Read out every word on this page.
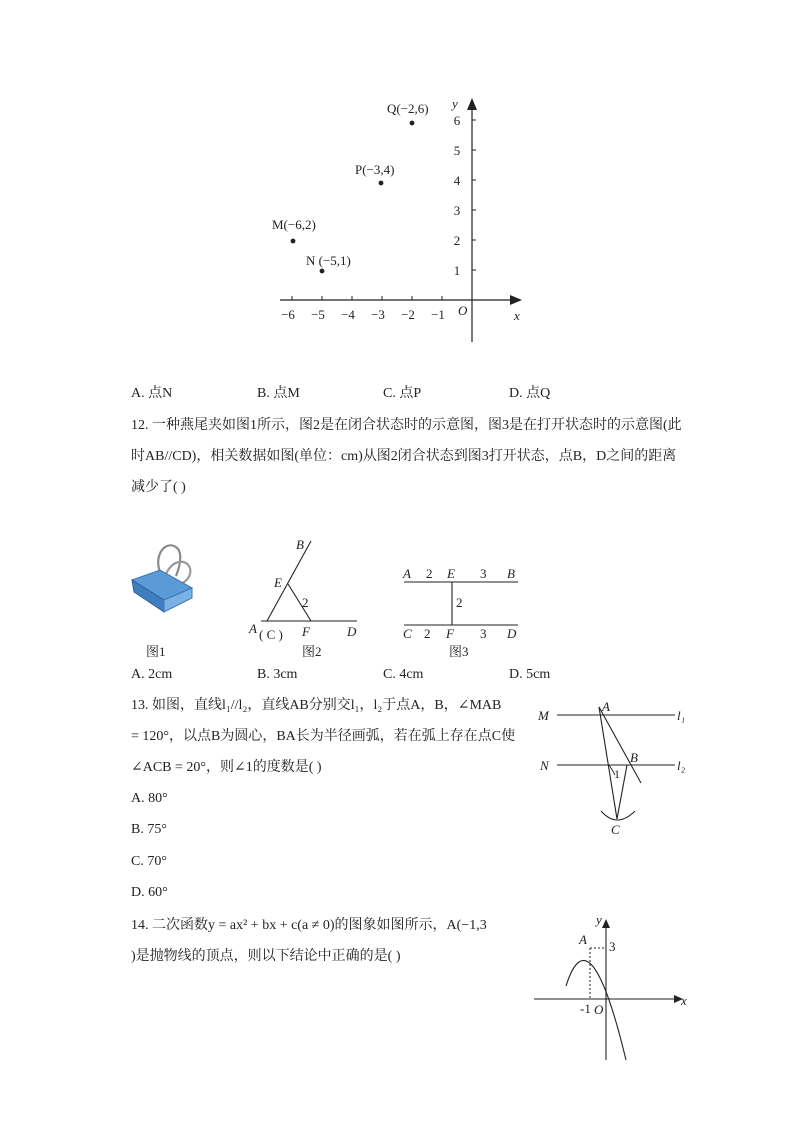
−6 −5 −4 −3 −2 −1
1
2
3
4
5
6
x
y
O
Q(−2,6)
P(−3,4)
M(−6,2)
N (−5,1)
A. 点N	B. 点M	C. 点P	D. 点Q
12. 一种燕尾夹如图1所示，图2是在闭合状态时的示意图，图3是在打开状态时的示意图(此
时AB//CD)，相关数据如图(单位：cm)从图2闭合状态到图3打开状态，点B，D之间的距离
减少了( )
B
E
A ( C ) F	D
2
A 2 E 3 B
2
C 2 F 3 D
图1	图2	图3
A. 2cm	B. 3cm	C. 4cm	D. 5cm
13. 如图，直线l₁//l₂，直线AB分别交l₁，l₂于点A，B，∠MAB
= 120°，以点B为圆心，BA长为半径画弧，若在弧上存在点C使
∠ACB = 20°，则∠1的度数是( )
A. 80°
B. 75°
C. 70°
D. 60°
M
A
l₁
N
B
l₂
C
1
14. 二次函数y = ax² + bx + c(a ≠ 0)的图象如图所示，A(−1,3
)是抛物线的顶点，则以下结论中正确的是( )
y
x
A 3
-1 O
